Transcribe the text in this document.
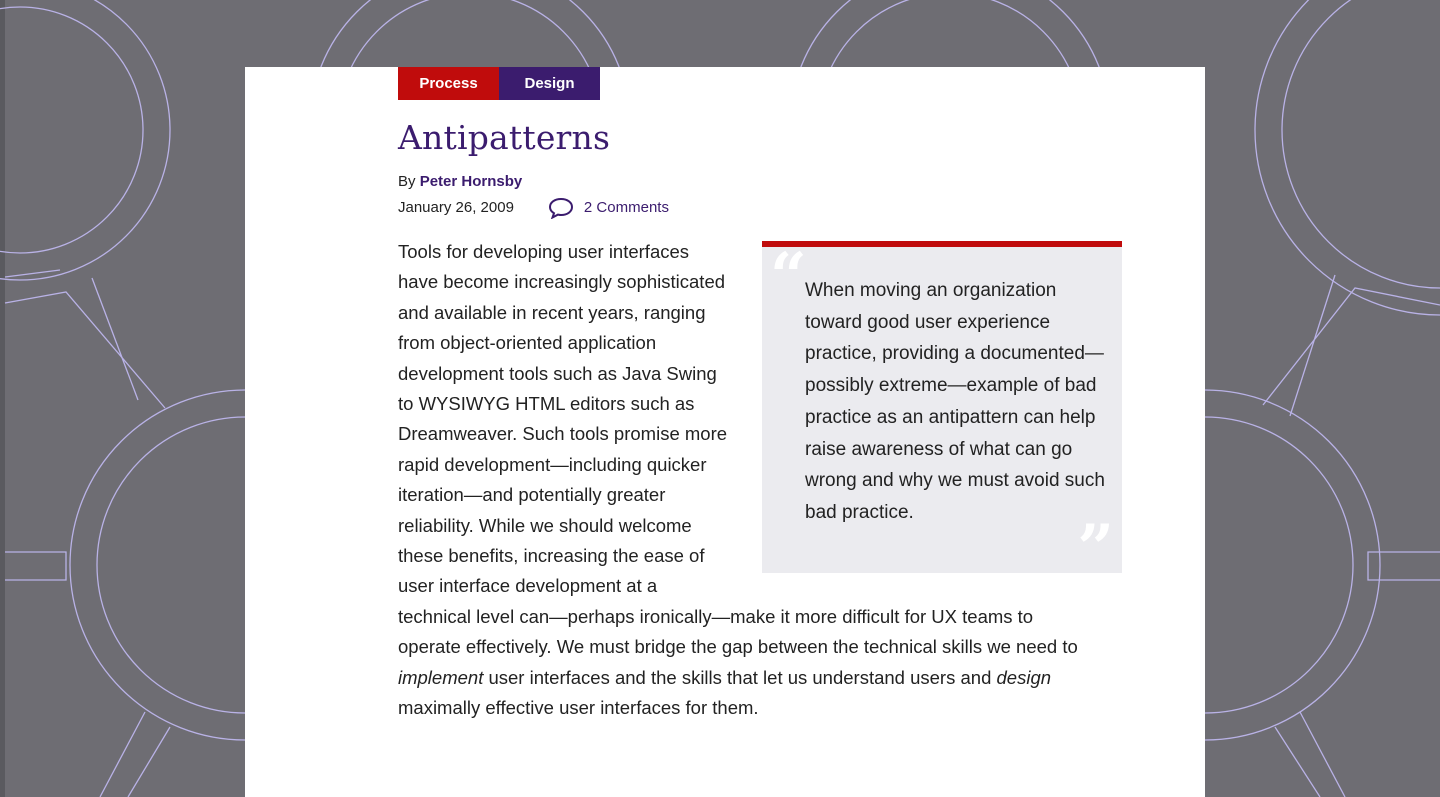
Process	Design
Antipatterns
By Peter Hornsby
January 26, 2009	2 Comments
“
When moving an organization toward good user experience practice, providing a documented—possibly extreme—example of bad practice as an antipattern can help raise awareness of what can go wrong and why we must avoid such bad practice.	”
Tools for developing user interfaces have become increasingly sophisticated and available in recent years, ranging from object-oriented application development tools such as Java Swing to WYSIWYG HTML editors such as Dreamweaver. Such tools promise more rapid development—including quicker iteration—and potentially greater reliability. While we should welcome these benefits, increasing the ease of user interface development at a technical level can—perhaps ironically—make it more difficult for UX teams to operate effectively. We must bridge the gap between the technical skills we need to implement user interfaces and the skills that let us understand users and design maximally effective user interfaces for them.
